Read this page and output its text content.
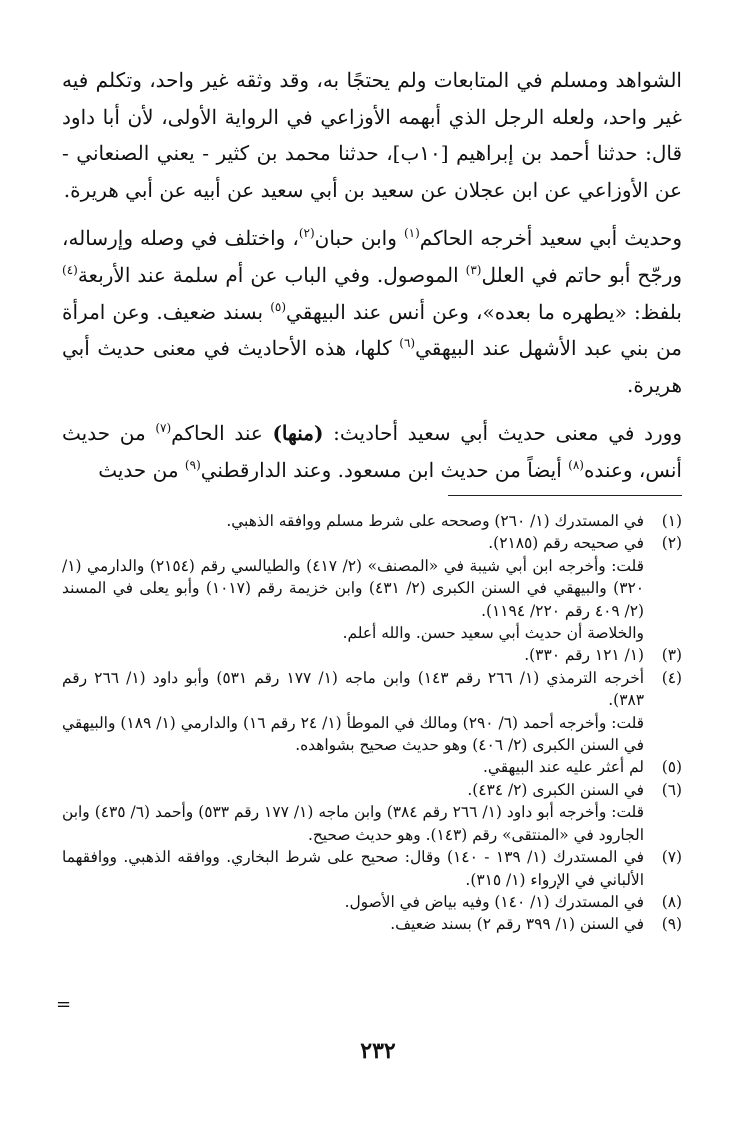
الشواهد ومسلم في المتابعات ولم يحتجًا به، وقد وثقه غير واحد، وتكلم فيه غير واحد، ولعله الرجل الذي أبهمه الأوزاعي في الرواية الأولى، لأن أبا داود قال: حدثنا أحمد بن إبراهيم [١٠ب]، حدثنا محمد بن كثير - يعني الصنعاني - عن الأوزاعي عن ابن عجلان عن سعيد بن أبي سعيد عن أبيه عن أبي هريرة.

وحديث أبي سعيد أخرجه الحاكم$^{(١)}$ وابن حبان$^{(٢)}$، واختلف في وصله وإرساله، ورجّح أبو حاتم في العلل$^{(٣)}$ الموصول. وفي الباب عن أم سلمة عند الأربعة$^{(٤)}$ بلفظ: «يطهره ما بعده»، وعن أنس عند البيهقي$^{(٥)}$ بسند ضعيف. وعن امرأة من بني عبد الأشهل عند البيهقي$^{(٦)}$ كلها، هذه الأحاديث في معنى حديث أبي هريرة.

وورد في معنى حديث أبي سعيد أحاديث: (منها) عند الحاكم$^{(٧)}$ من حديث أنس، وعنده$^{(٨)}$ أيضاً من حديث ابن مسعود. وعند الدارقطني$^{(٩)}$ من حديث

(١)
في المستدرك (١/ ٢٦٠) وصححه على شرط مسلم ووافقه الذهبي.
(٢)
في صحيحه رقم (٢١٨٥).
قلت: وأخرجه ابن أبي شيبة في «المصنف» (٢/ ٤١٧) والطيالسي رقم (٢١٥٤) والدارمي (١/ ٣٢٠) والبيهقي في السنن الكبرى (٢/ ٤٣١) وابن خزيمة رقم (١٠١٧) وأبو يعلى في المسند (٢/ ٤٠٩ رقم ٢٢٠/ ١١٩٤).
والخلاصة أن حديث أبي سعيد حسن. والله أعلم.
(٣)
(١/ ١٢١ رقم ٣٣٠).
(٤)
أخرجه الترمذي (١/ ٢٦٦ رقم ١٤٣) وابن ماجه (١/ ١٧٧ رقم ٥٣١) وأبو داود (١/ ٢٦٦ رقم ٣٨٣).
قلت: وأخرجه أحمد (٦/ ٢٩٠) ومالك في الموطأ (١/ ٢٤ رقم ١٦) والدارمي (١/ ١٨٩) والبيهقي في السنن الكبرى (٢/ ٤٠٦) وهو حديث صحيح بشواهده.
(٥)
لم أعثر عليه عند البيهقي.
(٦)
في السنن الكبرى (٢/ ٤٣٤).
قلت: وأخرجه أبو داود (١/ ٢٦٦ رقم ٣٨٤) وابن ماجه (١/ ١٧٧ رقم ٥٣٣) وأحمد (٦/ ٤٣٥) وابن الجارود في «المنتقى» رقم (١٤٣). وهو حديث صحيح.
(٧)
في المستدرك (١/ ١٣٩ - ١٤٠) وقال: صحيح على شرط البخاري. ووافقه الذهبي. ووافقهما الألباني في الإرواء (١/ ٣١٥).
(٨)
في المستدرك (١/ ١٤٠) وفيه بياض في الأصول.
(٩)
في السنن (١/ ٣٩٩ رقم ٢) بسند ضعيف.
=
٢٣٢
